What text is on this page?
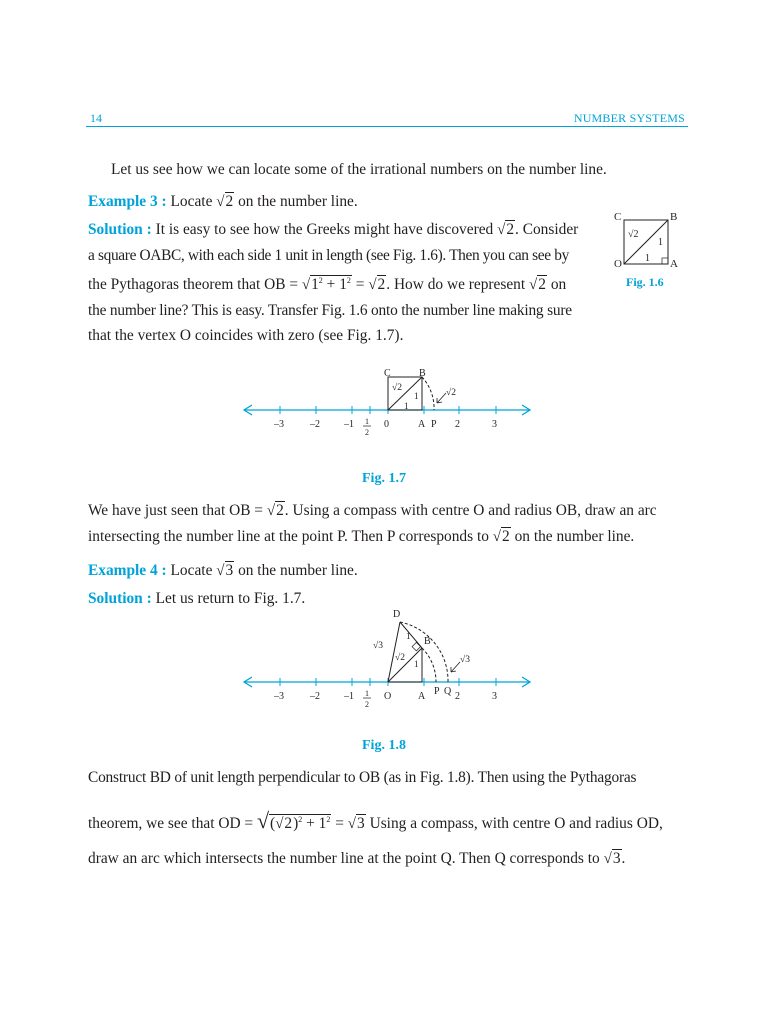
14	NUMBER SYSTEMS
Let us see how we can locate some of the irrational numbers on the number line.
Example 3 : Locate √2 on the number line.
Solution : It is easy to see how the Greeks might have discovered √2. Consider
a square OABC, with each side 1 unit in length (see Fig. 1.6). Then you can see by
the Pythagoras theorem that OB = $√1^2 + 1^2 = √2$. How do we represent √2 on
the number line? This is easy. Transfer Fig. 1.6 onto the number line making sure
that the vertex O coincides with zero (see Fig. 1.7).
C	B
O	A
√2
1
1
Fig. 1.6
C	B
√2
1
1
√2
–3	–2 –1 1
2
0	A P 2	3
Fig. 1.7
We have just seen that OB = √2. Using a compass with centre O and radius OB, draw an arc
intersecting the number line at the point P. Then P corresponds to √2 on the number line.
Example 4 : Locate √3 on the number line.
Solution : Let us return to Fig. 1.7.
D
B
√3
√2
1
1	√3
–3	–2 –1 1
2
O	A P Q 2	3
Fig. 1.8
Construct BD of unit length perpendicular to OB (as in Fig. 1.8). Then using the Pythagoras
theorem, we see that OD = $√(√2)^2 + 1^2 = √3$ Using a compass, with centre O and radius OD,
draw an arc which intersects the number line at the point Q. Then Q corresponds to √3.
